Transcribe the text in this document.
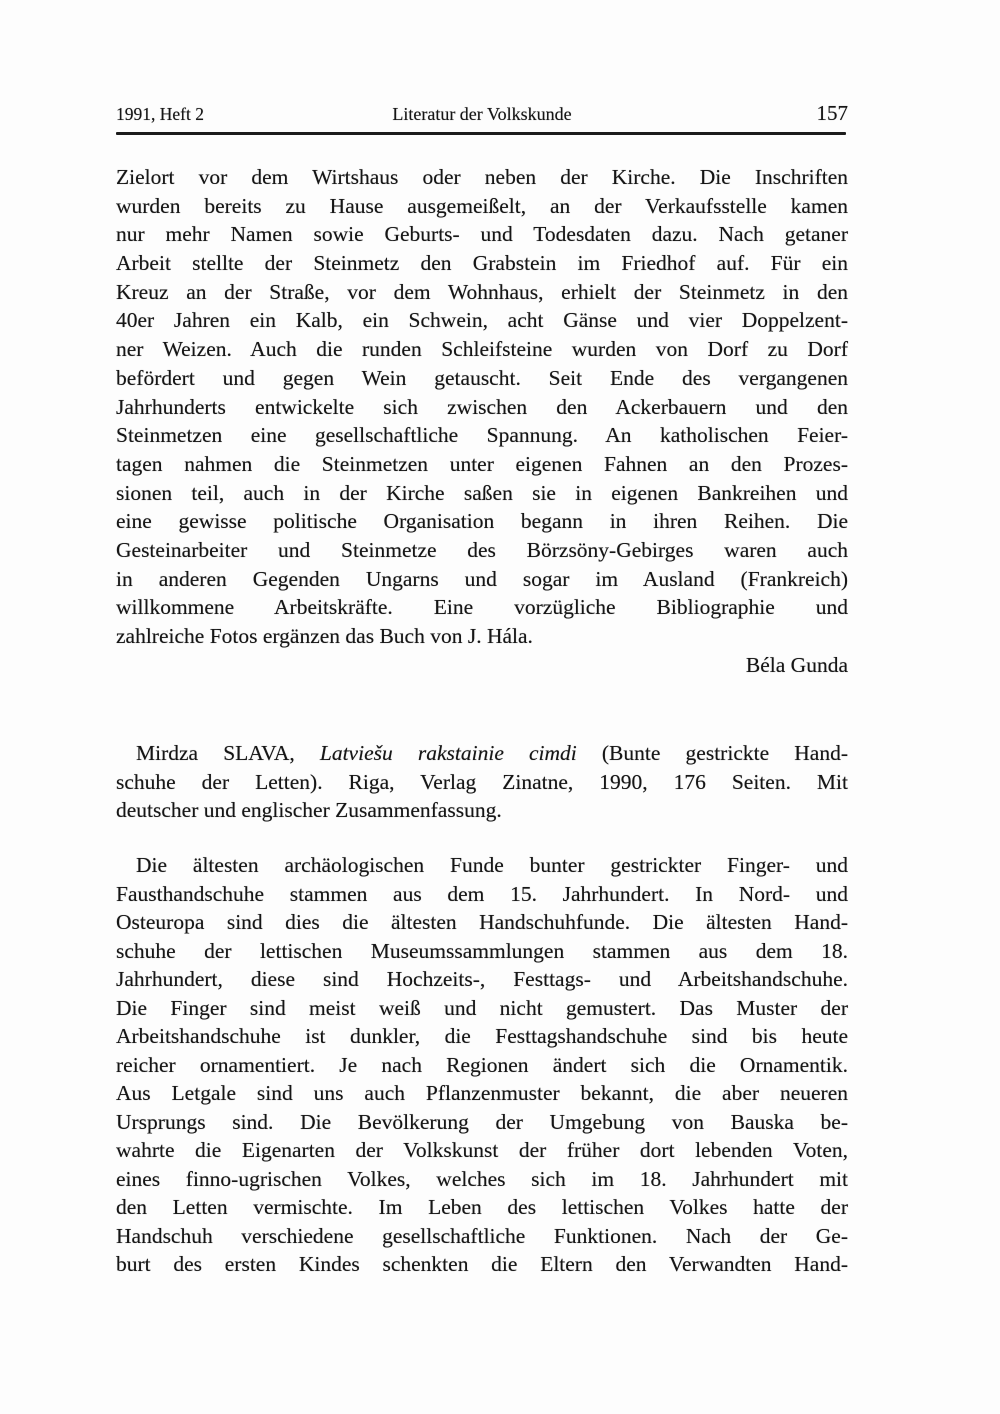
1991, Heft 2	Literatur der Volkskunde	157
Zielort vor dem Wirtshaus oder neben der Kirche. Die Inschriften
wurden bereits zu Hause ausgemeißelt, an der Verkaufsstelle kamen
nur mehr Namen sowie Geburts- und Todesdaten dazu. Nach getaner
Arbeit stellte der Steinmetz den Grabstein im Friedhof auf. Für ein
Kreuz an der Straße, vor dem Wohnhaus, erhielt der Steinmetz in den
40er Jahren ein Kalb, ein Schwein, acht Gänse und vier Doppelzent-
ner Weizen. Auch die runden Schleifsteine wurden von Dorf zu Dorf
befördert und gegen Wein getauscht. Seit Ende des vergangenen
Jahrhunderts entwickelte sich zwischen den Ackerbauern und den
Steinmetzen eine gesellschaftliche Spannung. An katholischen Feier-
tagen nahmen die Steinmetzen unter eigenen Fahnen an den Prozes-
sionen teil, auch in der Kirche saßen sie in eigenen Bankreihen und
eine gewisse politische Organisation begann in ihren Reihen. Die
Gesteinarbeiter und Steinmetze des Börzsöny-Gebirges waren auch
in anderen Gegenden Ungarns und sogar im Ausland (Frankreich)
willkommene Arbeitskräfte. Eine vorzügliche Bibliographie und
zahlreiche Fotos ergänzen das Buch von J. Hála.
Béla Gunda
Mirdza SLAVA, Latviešu rakstainie cimdi (Bunte gestrickte Hand-
schuhe der Letten). Riga, Verlag Zinatne, 1990, 176 Seiten. Mit
deutscher und englischer Zusammenfassung.
Die ältesten archäologischen Funde bunter gestrickter Finger- und
Fausthandschuhe stammen aus dem 15. Jahrhundert. In Nord- und
Osteuropa sind dies die ältesten Handschuhfunde. Die ältesten Hand-
schuhe der lettischen Museumssammlungen stammen aus dem 18.
Jahrhundert, diese sind Hochzeits-, Festtags- und Arbeitshandschuhe.
Die Finger sind meist weiß und nicht gemustert. Das Muster der
Arbeitshandschuhe ist dunkler, die Festtagshandschuhe sind bis heute
reicher ornamentiert. Je nach Regionen ändert sich die Ornamentik.
Aus Letgale sind uns auch Pflanzenmuster bekannt, die aber neueren
Ursprungs sind. Die Bevölkerung der Umgebung von Bauska be-
wahrte die Eigenarten der Volkskunst der früher dort lebenden Voten,
eines finno-ugrischen Volkes, welches sich im 18. Jahrhundert mit
den Letten vermischte. Im Leben des lettischen Volkes hatte der
Handschuh verschiedene gesellschaftliche Funktionen. Nach der Ge-
burt des ersten Kindes schenkten die Eltern den Verwandten Hand-
